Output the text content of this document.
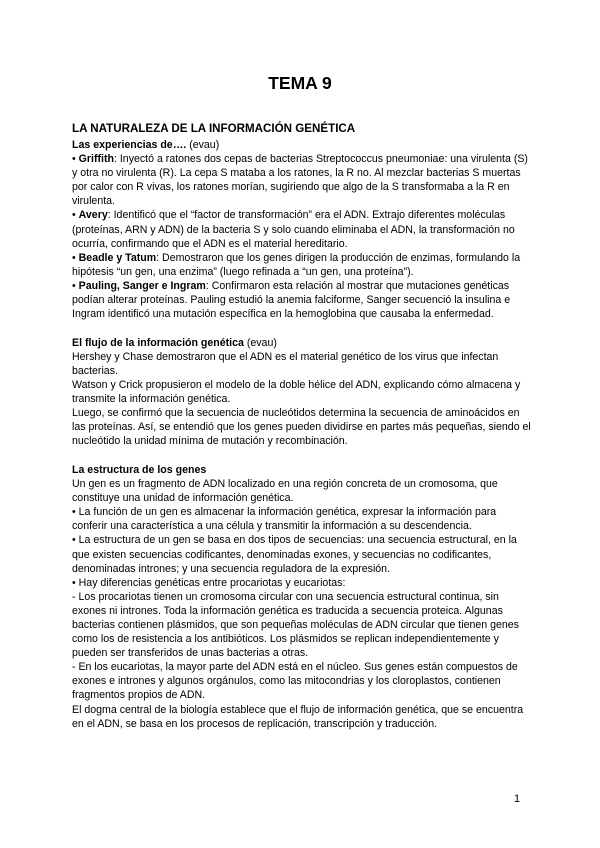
TEMA 9

LA NATURALEZA DE LA INFORMACIÓN GENÉTICA

Las experiencias de…. (evau)

• Griffith: Inyectó a ratones dos cepas de bacterias Streptococcus pneumoniae: una virulenta (S) y otra no virulenta (R). La cepa S mataba a los ratones, la R no. Al mezclar bacterias S muertas por calor con R vivas, los ratones morían, sugiriendo que algo de la S transformaba a la R en virulenta.

• Avery: Identificó que el “factor de transformación” era el ADN. Extrajo diferentes moléculas (proteínas, ARN y ADN) de la bacteria S y solo cuando eliminaba el ADN, la transformación no ocurría, confirmando que el ADN es el material hereditario.

• Beadle y Tatum: Demostraron que los genes dirigen la producción de enzimas, formulando la hipótesis “un gen, una enzima” (luego refinada a “un gen, una proteína”).

• Pauling, Sanger e Ingram: Confirmaron esta relación al mostrar que mutaciones genéticas podían alterar proteínas. Pauling estudió la anemia falciforme, Sanger secuenció la insulina e Ingram identificó una mutación específica en la hemoglobina que causaba la enfermedad.

El flujo de la información genética (evau)

Hershey y Chase demostraron que el ADN es el material genético de los virus que infectan bacterias.

Watson y Crick propusieron el modelo de la doble hélice del ADN, explicando cómo almacena y transmite la información genética.

Luego, se confirmó que la secuencia de nucleótidos determina la secuencia de aminoácidos en las proteínas. Así, se entendió que los genes pueden dividirse en partes más pequeñas, siendo el nucleótido la unidad mínima de mutación y recombinación.

La estructura de los genes

Un gen es un fragmento de ADN localizado en una región concreta de un cromosoma, que constituye una unidad de información genética.

• La función de un gen es almacenar la información genética, expresar la información para conferir una característica a una célula y transmitir la información a su descendencia.

• La estructura de un gen se basa en dos tipos de secuencias: una secuencia estructural, en la que existen secuencias codificantes, denominadas exones, y secuencias no codificantes, denominadas intrones; y una secuencia reguladora de la expresión.

• Hay diferencias genéticas entre procariotas y eucariotas:

- Los procariotas tienen un cromosoma circular con una secuencia estructural continua, sin exones ni intrones. Toda la información genética es traducida a secuencia proteica. Algunas bacterias contienen plásmidos, que son pequeñas moléculas de ADN circular que tienen genes como los de resistencia a los antibióticos. Los plásmidos se replican independientemente y pueden ser transferidos de unas bacterias a otras.

- En los eucariotas, la mayor parte del ADN está en el núcleo. Sus genes están compuestos de exones e intrones y algunos orgánulos, como las mitocondrias y los cloroplastos, contienen fragmentos propios de ADN.

El dogma central de la biología establece que el flujo de información genética, que se encuentra en el ADN, se basa en los procesos de replicación, transcripción y traducción.

1
